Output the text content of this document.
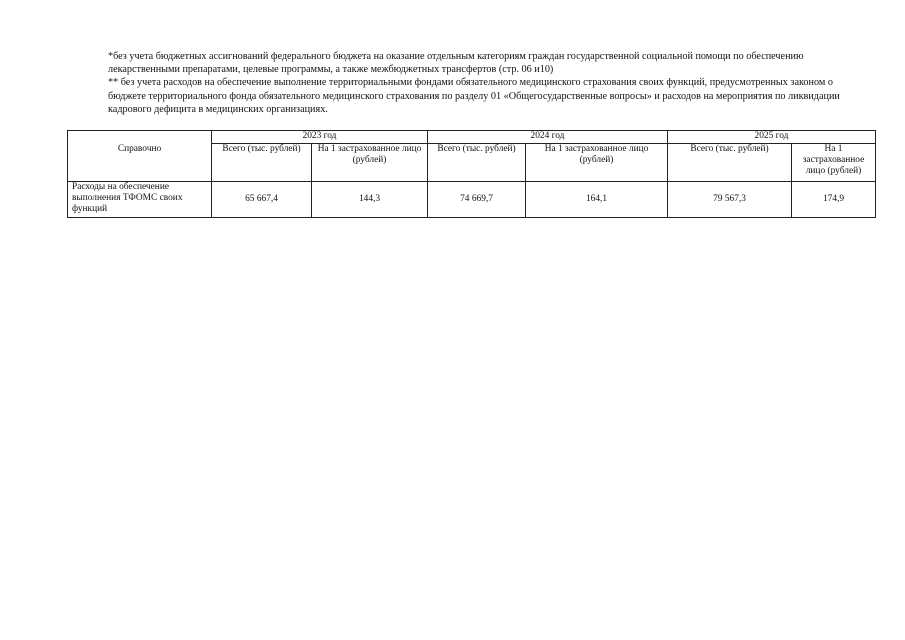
*без учета бюджетных ассигнований федерального бюджета на оказание отдельным категориям граждан государственной социальной помощи по обеспечению лекарственными препаратами, целевые программы, а также межбюджетных трансфертов (стр. 06 и10)

** без учета расходов на обеспечение выполнение территориальными фондами обязательного медицинского страхования своих функций, предусмотренных законом о бюджете территориального фонда обязательного медицинского страхования по разделу 01 «Общегосударственные вопросы» и расходов на мероприятия по ликвидации кадрового дефицита в медицинских организациях.

Справочно	2023 год		2024 год		2025 год	
	Всего (тыс. рублей)	На 1 застрахованное лицо (рублей)	Всего (тыс. рублей)	На 1 застрахованное лицо (рублей)	Всего (тыс. рублей)	На 1 застрахованное лицо (рублей)
Расходы на обеспечение выполнения ТФОМС своих функций	65 667,4	144,3	74 669,7	164,1	79 567,3	174,9
